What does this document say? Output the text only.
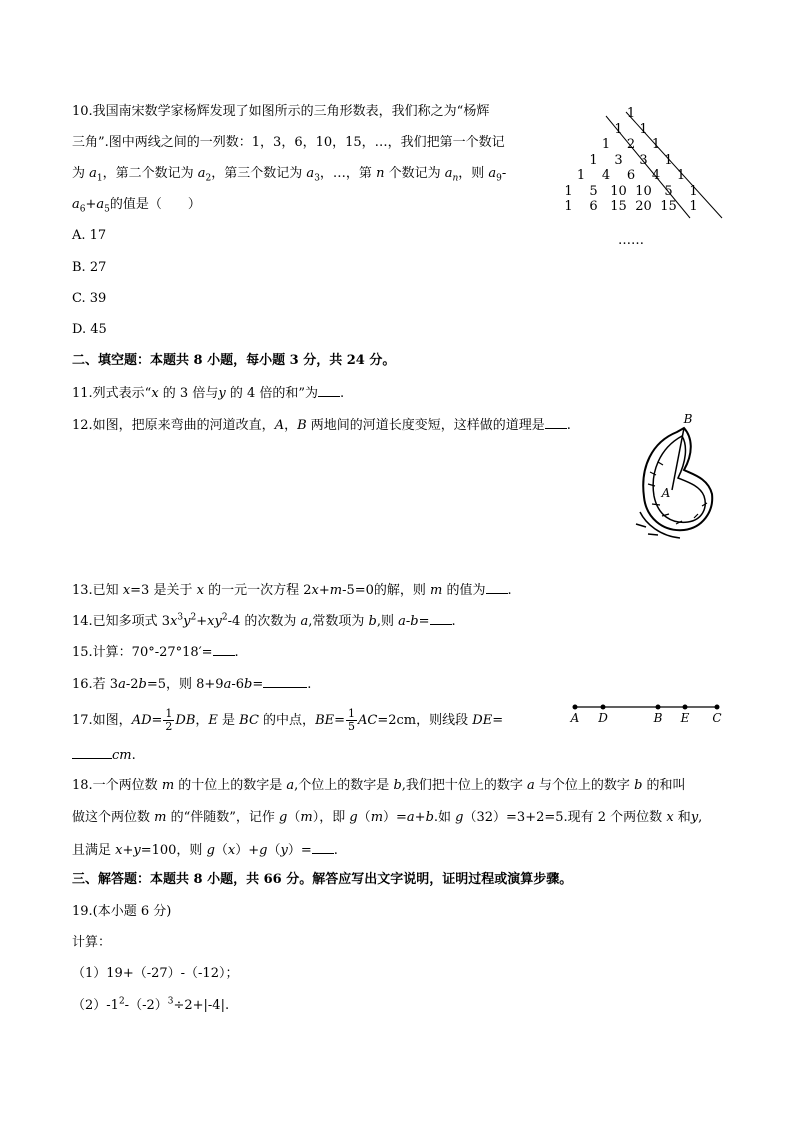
10.我国南宋数学家杨辉发现了如图所示的三角形数表，我们称之为“杨辉
三角”.图中两线之间的一列数：1，3，6，10，15，…，我们把第一个数记
为 $a_1$，第二个数记为 $a_2$，第三个数记为 $a_3$，…，第 n 个数记为 $a_n$，则 $a_9-$
$a_6+a_5$的值是（　　）
A. 17
B. 27
C. 39
D. 45
1
1 1
1 2 1
1 3 3 1
1 4 6 4 1
1 5 10 10 5 1
1 6 15 20 15 1
……
二、填空题：本题共 8 小题，每小题 3 分，共 24 分。
11.列式表示“x 的 3 倍与y 的 4 倍的和”为 .
12.如图，把原来弯曲的河道改直，A，B 两地间的河道长度变短，这样做的道理是 .	B
A
13.已知 x=3 是关于 x 的一元一次方程 2x+m-5=0的解，则 m 的值为 .
14.已知多项式 $3x^3y^2+xy^2-4$ 的次数为 a,常数项为 b,则 a-b= .
15.计算：70°-27°18′= .
16.若 3a-2b=5，则 8+9a-6b=	.
17.如图，$AD= \frac{1}{2}$ DB，E 是 BC 的中点，$BE= \frac{1}{5} AC=2cm$，则线段 DE=
cm.
A D	B E C
18.一个两位数 m 的十位上的数字是 a,个位上的数字是 b,我们把十位上的数字 a 与个位上的数字 b 的和叫
做这个两位数 m 的“伴随数”，记作 g（m），即 g（m）=a+b.如 g（32）=3+2=5.现有 2 个两位数 x 和y,
且满足 x+y=100，则 g（x）+g（y）= .
三、解答题：本题共 8 小题，共 66 分。解答应写出文字说明，证明过程或演算步骤。
19.(本小题 6 分)
计算：
（1）19+（-27）-（-12）；
$(2)-1^2-(-2)^3\div 2+|-4|$.
